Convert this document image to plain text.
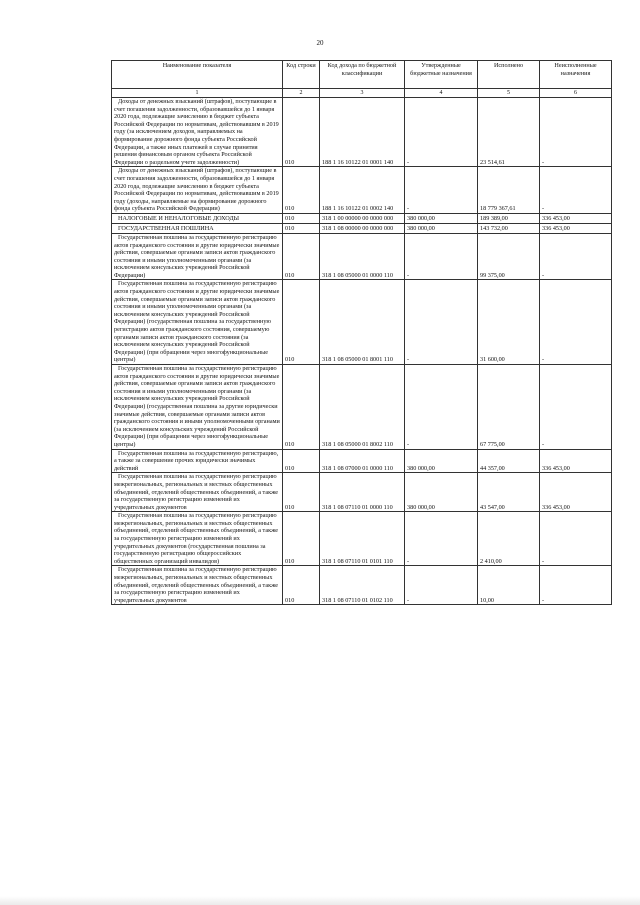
20
Наименование показателя	Код строки	Код дохода по бюджетной классификации	Утвержденные бюджетные назначения	Исполнено	Неисполненные назначения
1	2	3	4	5	6

Доходы от денежных взысканий (штрафов), поступающие в счет погашения задолженности, образовавшейся до 1 января 2020 года, подлежащие зачислению в бюджет субъекта Российской Федерации по нормативам, действовавшим в 2019 году (за исключением доходов, направляемых на формирование дорожного фонда субъекта Российской Федерации, а также иных платежей в случае принятия решения финансовым органом субъекта Российской Федерации о раздельном учете задолженности)	010	188 1 16 10122 01 0001 140	-	23 514,61	-

Доходы от денежных взысканий (штрафов), поступающие в счет погашения задолженности, образовавшейся до 1 января 2020 года, подлежащие зачислению в бюджет субъекта Российской Федерации по нормативам, действовавшим в 2019 году (доходы, направляемые на формирование дорожного фонда субъекта Российской Федерации)	010	188 1 16 10122 01 0002 140	-	18 779 367,61	-

НАЛОГОВЫЕ И НЕНАЛОГОВЫЕ ДОХОДЫ	010	318 1 00 00000 00 0000 000	380 000,00	189 389,00	336 453,00

ГОСУДАРСТВЕННАЯ ПОШЛИНА	010	318 1 08 00000 00 0000 000	380 000,00	143 732,00	336 453,00

Государственная пошлина за государственную регистрацию актов гражданского состояния и другие юридически значимые действия, совершаемые органами записи актов гражданского состояния и иными уполномоченными органами (за исключением консульских учреждений Российской Федерации)	010	318 1 08 05000 01 0000 110	-	99 375,00	-

Государственная пошлина за государственную регистрацию актов гражданского состояния и другие юридически значимые действия, совершаемые органами записи актов гражданского состояния и иными уполномоченными органами (за исключением консульских учреждений Российской Федерации) (государственная пошлина за государственную регистрацию актов гражданского состояния, совершаемую органами записи актов гражданского состояния (за исключением консульских учреждений Российской Федерации) (при обращении через многофункциональные центры)	010	318 1 08 05000 01 8001 110	-	31 600,00	-

Государственная пошлина за государственную регистрацию актов гражданского состояния и другие юридически значимые действия, совершаемые органами записи актов гражданского состояния и иными уполномоченными органами (за исключением консульских учреждений Российской Федерации) (государственная пошлина за другие юридически значимые действия, совершаемые органами записи актов гражданского состояния и иными уполномоченными органами (за исключением консульских учреждений Российской Федерации) (при обращении через многофункциональные центры)	010	318 1 08 05000 01 8002 110	-	67 775,00	-

Государственная пошлина за государственную регистрацию, а также за совершение прочих юридически значимых действий	010	318 1 08 07000 01 0000 110	380 000,00	44 357,00	336 453,00

Государственная пошлина за государственную регистрацию межрегиональных, региональных и местных общественных объединений, отделений общественных объединений, а также за государственную регистрацию изменений их учредительных документов	010	318 1 08 07110 01 0000 110	380 000,00	43 547,00	336 453,00

Государственная пошлина за государственную регистрацию межрегиональных, региональных и местных общественных объединений, отделений общественных объединений, а также за государственную регистрацию изменений их учредительных документов (государственная пошлина за государственную регистрацию общероссийских общественных организаций инвалидов)	010	318 1 08 07110 01 0101 110	-	2 410,00	-

Государственная пошлина за государственную регистрацию межрегиональных, региональных и местных общественных объединений, отделений общественных объединений, а также за государственную регистрацию изменений их учредительных документов	010	318 1 08 07110 01 0102 110	-	10,00	-
